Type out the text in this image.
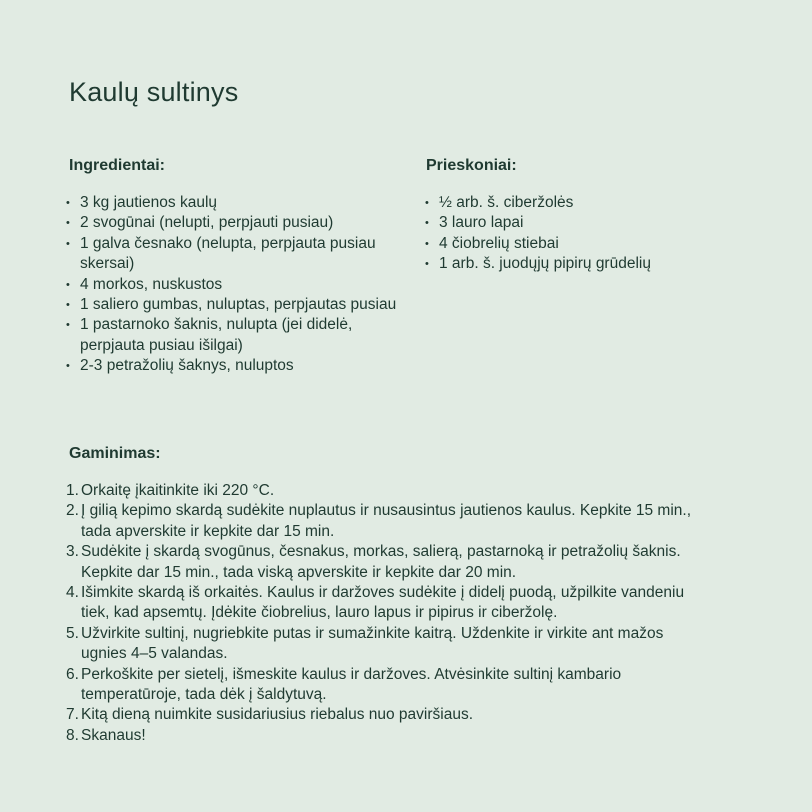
Kaulų sultinys
Ingredientai:
• 3 kg jautienos kaulų
• 2 svogūnai (nelupti, perpjauti pusiau)
• 1 galva česnako (nelupta, perpjauta pusiau skersai)
• 4 morkos, nuskustos
• 1 saliero gumbas, nuluptas, perpjautas pusiau
• 1 pastarnoko šaknis, nulupta (jei didelė, perpjauta pusiau išilgai)
• 2-3 petražolių šaknys, nuluptos
Prieskoniai:
• ½ arb. š. ciberžolės
• 3 lauro lapai
• 4 čiobrelių stiebai
• 1 arb. š. juodųjų pipirų grūdelių
Gaminimas:
1. Orkaitę įkaitinkite iki 220 °C.
2. Į gilią kepimo skardą sudėkite nuplautus ir nusausintus jautienos kaulus. Kepkite 15 min., tada apverskite ir kepkite dar 15 min.
3. Sudėkite į skardą svogūnus, česnakus, morkas, salierą, pastarnoką ir petražolių šaknis. Kepkite dar 15 min., tada viską apverskite ir kepkite dar 20 min.
4. Išimkite skardą iš orkaitės. Kaulus ir daržoves sudėkite į didelį puodą, užpilkite vandeniu tiek, kad apsemtų. Įdėkite čiobrelius, lauro lapus ir pipirus ir ciberžolę.
5. Užvirkite sultinį, nugriebkite putas ir sumažinkite kaitrą. Uždenkite ir virkite ant mažos ugnies 4–5 valandas.
6. Perkoškite per sietelį, išmeskite kaulus ir daržoves. Atvėsinkite sultinį kambario temperatūroje, tada dėk į šaldytuvą.
7. Kitą dieną nuimkite susidariusius riebalus nuo paviršiaus.
8. Skanaus!
